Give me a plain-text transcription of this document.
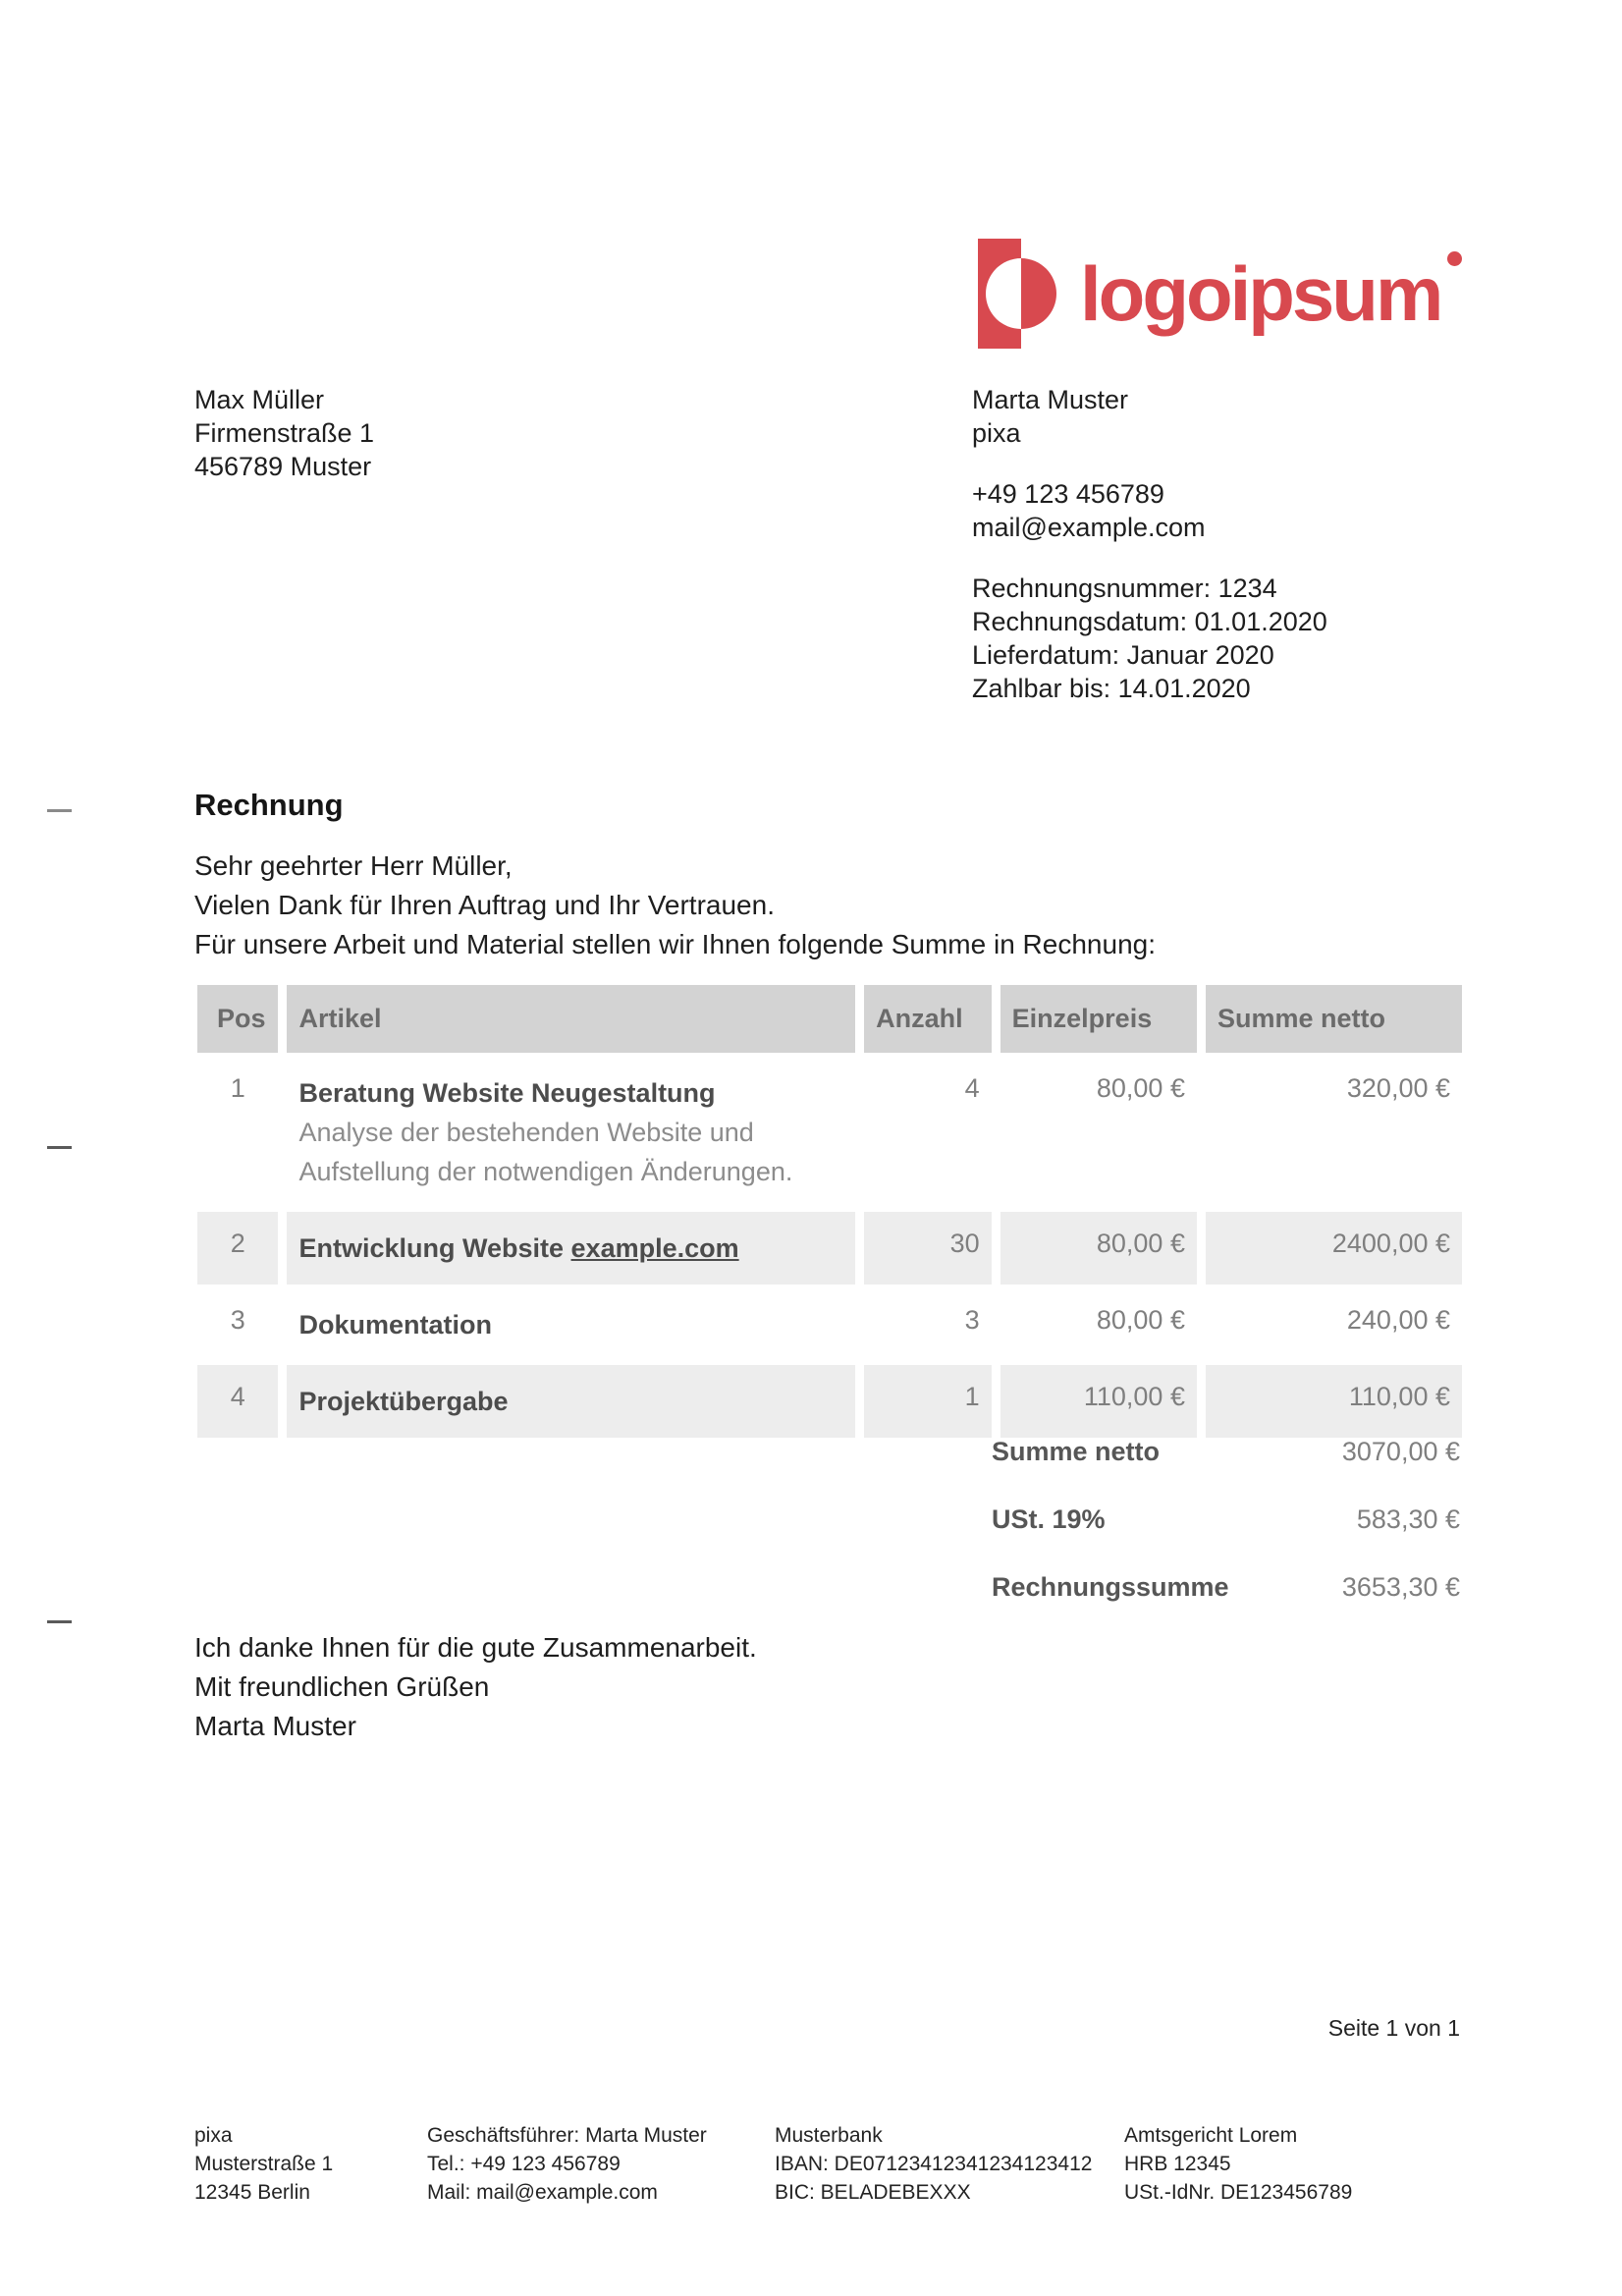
logoipsum
Max Müller
Firmenstraße 1
456789 Muster
Marta Muster
pixa
+49 123 456789
mail@example.com
Rechnungsnummer: 1234
Rechnungsdatum: 01.01.2020
Lieferdatum: Januar 2020
Zahlbar bis: 14.01.2020
Rechnung
Sehr geehrter Herr Müller,
Vielen Dank für Ihren Auftrag und Ihr Vertrauen.
Für unsere Arbeit und Material stellen wir Ihnen folgende Summe in Rechnung:
Pos	Artikel	Anzahl	Einzelpreis	Summe netto
1	Beratung Website Neugestaltung
Analyse der bestehenden Website und
Aufstellung der notwendigen Änderungen.	4	80,00 €	320,00 €
2	Entwicklung Website example.com	30	80,00 €	2400,00 €
3	Dokumentation	3	80,00 €	240,00 €
4	Projektübergabe	1	110,00 €	110,00 €
Summe netto	3070,00 €
USt. 19%	583,30 €
Rechnungssumme	3653,30 €
Ich danke Ihnen für die gute Zusammenarbeit.
Mit freundlichen Grüßen
Marta Muster
Seite 1 von 1
pixa
Musterstraße 1
12345 Berlin
Geschäftsführer: Marta Muster
Tel.: +49 123 456789
Mail: mail@example.com
Musterbank
IBAN: DE07123412341234123412
BIC: BELADEBEXXX
Amtsgericht Lorem
HRB 12345
USt.-IdNr. DE123456789
